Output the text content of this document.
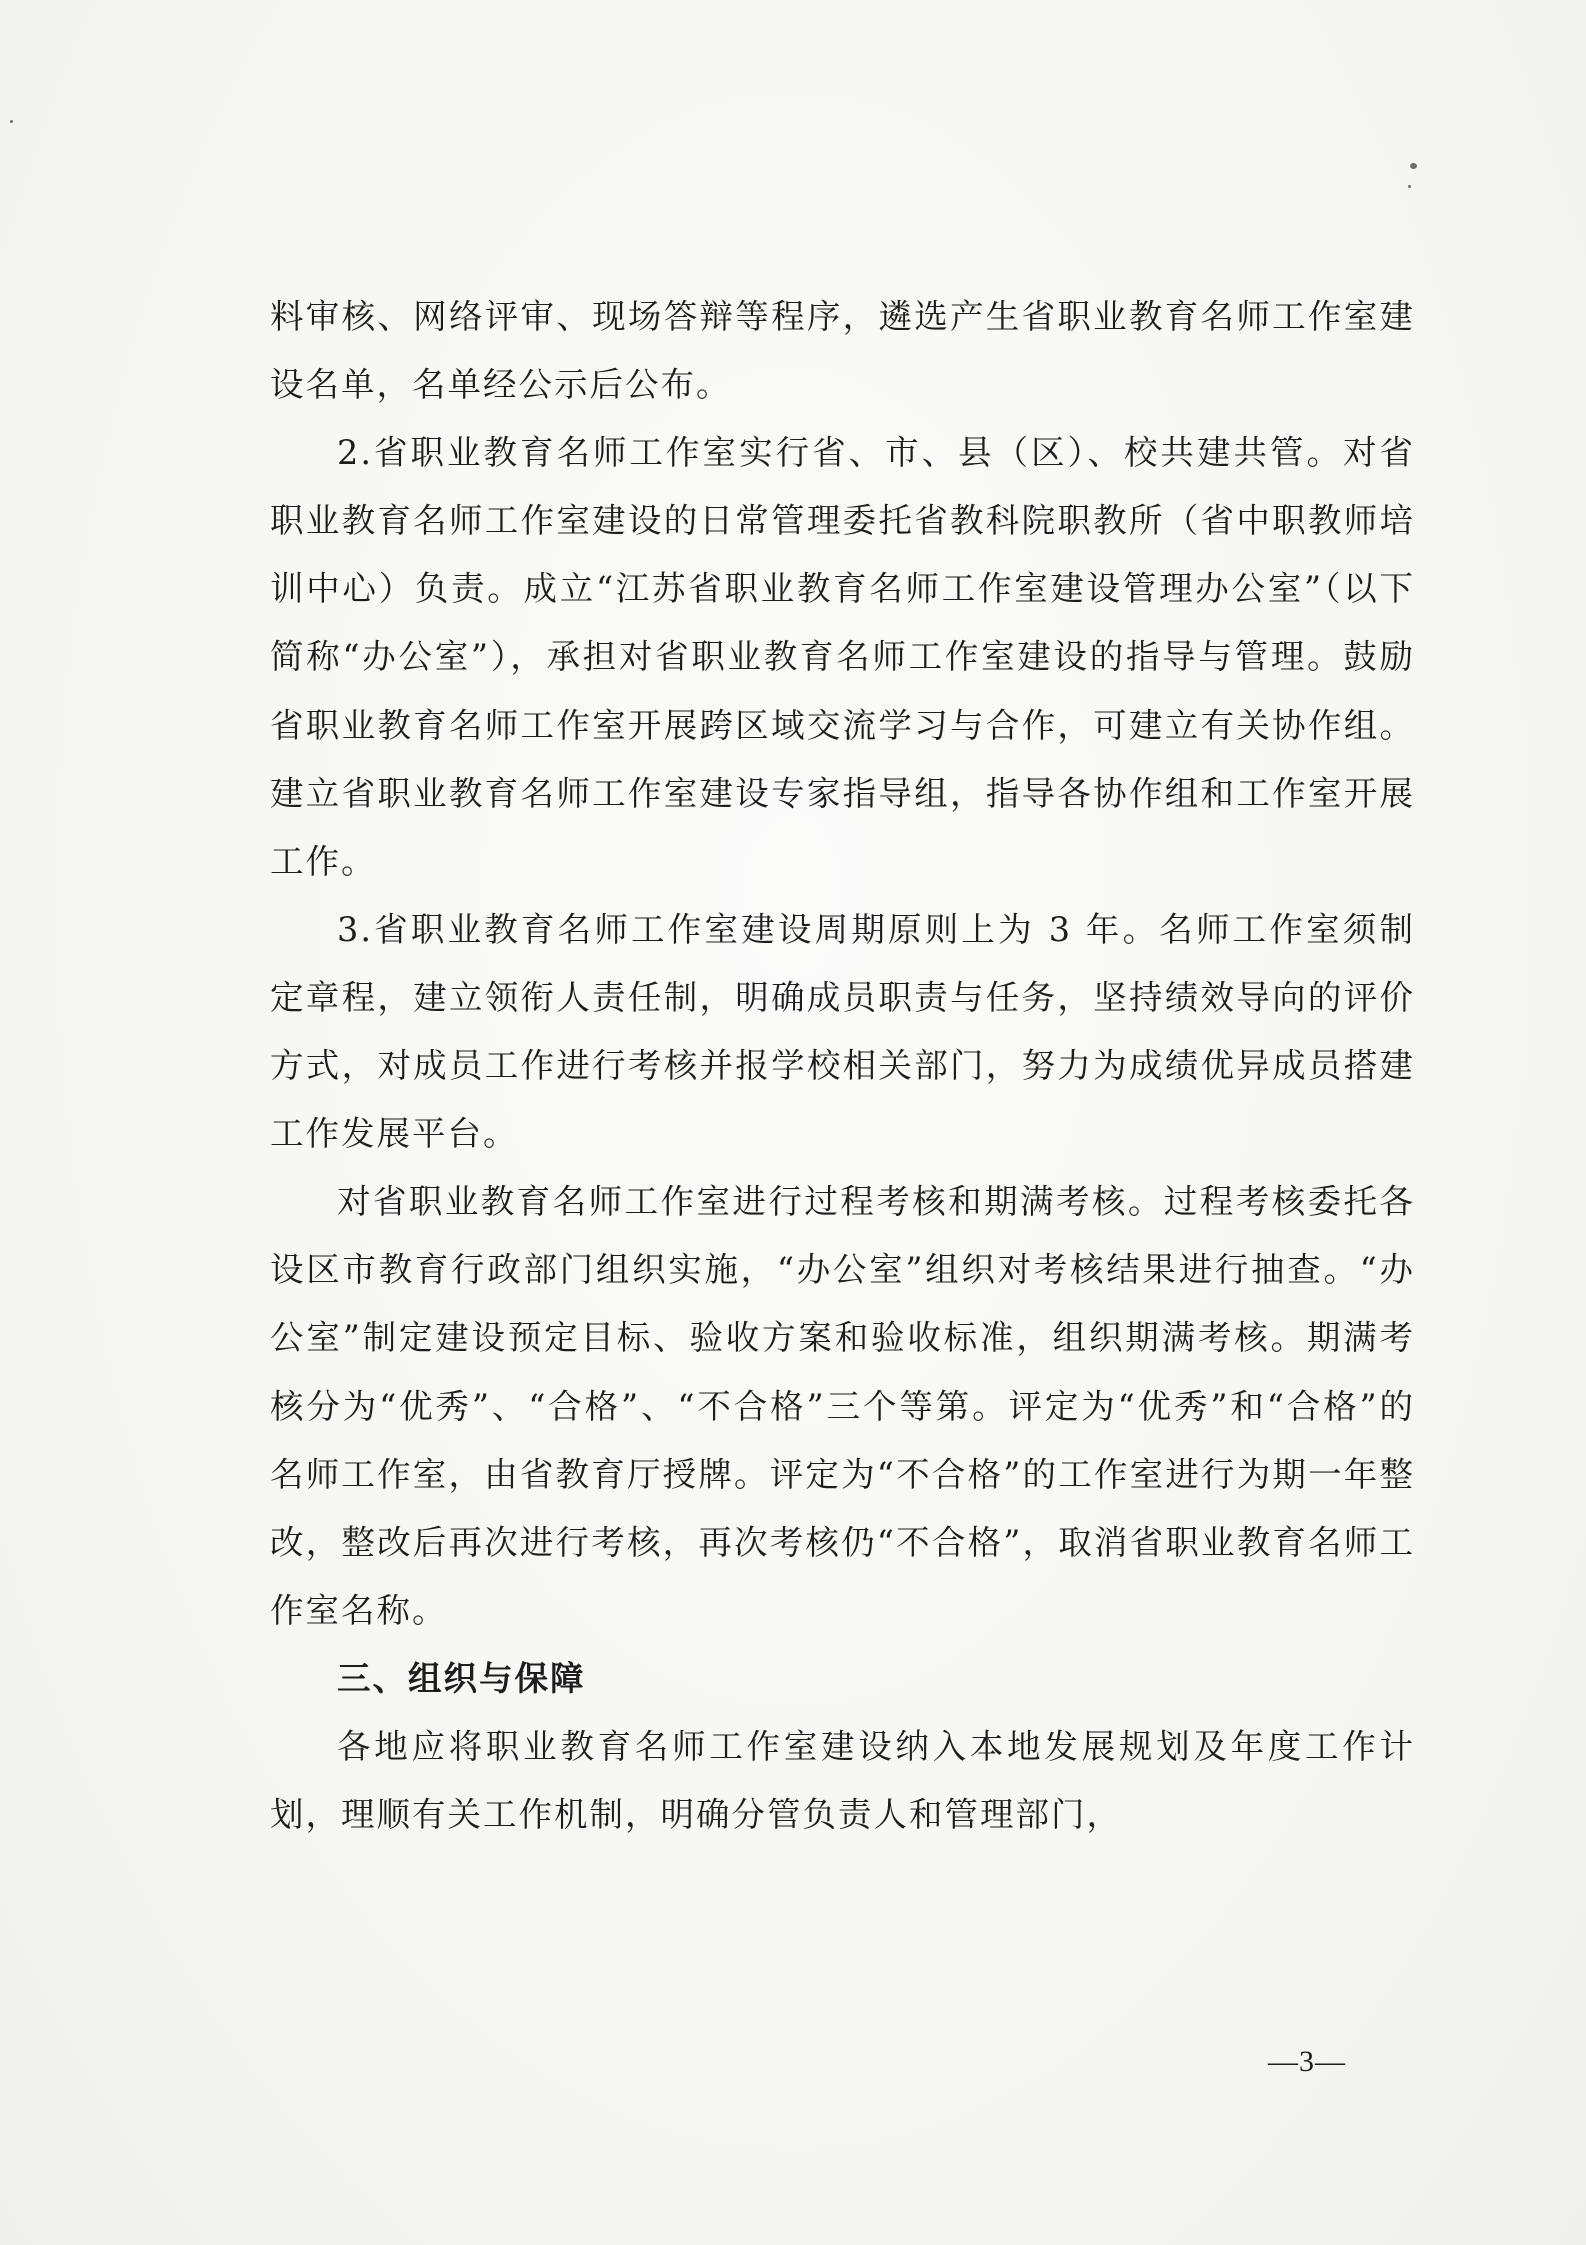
料审核、网络评审、现场答辩等程序，遴选产生省职业教育名师工作室建设名单，名单经公示后公布。

2.省职业教育名师工作室实行省、市、县（区）、校共建共管。对省职业教育名师工作室建设的日常管理委托省教科院职教所（省中职教师培训中心）负责。成立“江苏省职业教育名师工作室建设管理办公室”（以下简称“办公室”），承担对省职业教育名师工作室建设的指导与管理。鼓励省职业教育名师工作室开展跨区域交流学习与合作，可建立有关协作组。建立省职业教育名师工作室建设专家指导组，指导各协作组和工作室开展工作。

3.省职业教育名师工作室建设周期原则上为 3 年。名师工作室须制定章程，建立领衔人责任制，明确成员职责与任务，坚持绩效导向的评价方式，对成员工作进行考核并报学校相关部门，努力为成绩优异成员搭建工作发展平台。

对省职业教育名师工作室进行过程考核和期满考核。过程考核委托各设区市教育行政部门组织实施，“办公室”组织对考核结果进行抽查。“办公室”制定建设预定目标、验收方案和验收标准，组织期满考核。期满考核分为“优秀”、“合格”、“不合格”三个等第。评定为“优秀”和“合格”的名师工作室，由省教育厅授牌。评定为“不合格”的工作室进行为期一年整改，整改后再次进行考核，再次考核仍“不合格”，取消省职业教育名师工作室名称。

三、组织与保障

各地应将职业教育名师工作室建设纳入本地发展规划及年度工作计划，理顺有关工作机制，明确分管负责人和管理部门，

—3—
